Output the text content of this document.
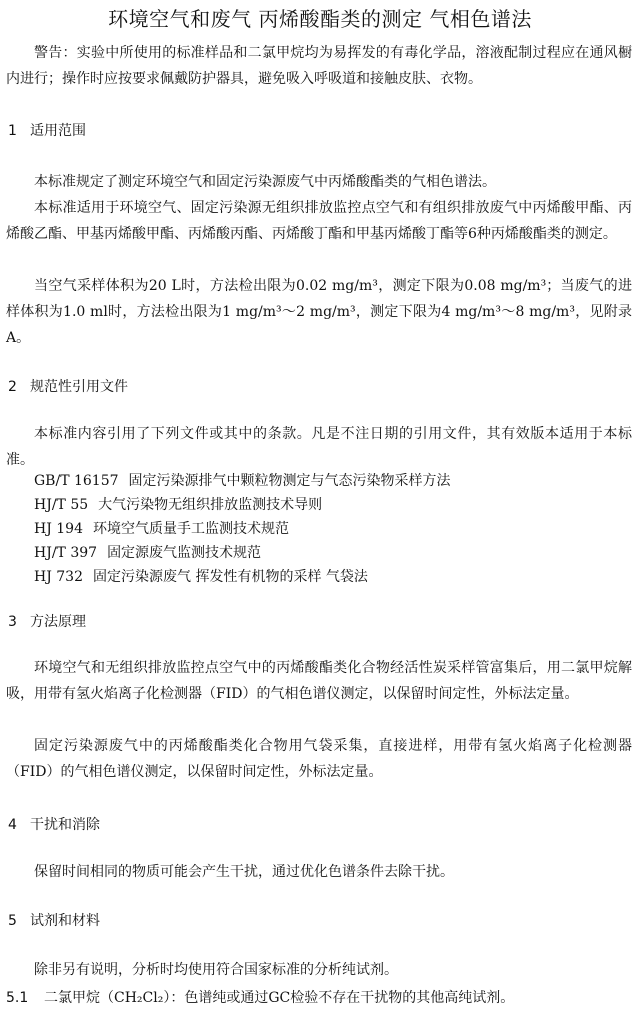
环境空气和废气 丙烯酸酯类的测定 气相色谱法
警告：实验中所使用的标准样品和二氯甲烷均为易挥发的有毒化学品，溶液配制过程应在通风橱内进行；操作时应按要求佩戴防护器具，避免吸入呼吸道和接触皮肤、衣物。
1 适用范围
本标准规定了测定环境空气和固定污染源废气中丙烯酸酯类的气相色谱法。
本标准适用于环境空气、固定污染源无组织排放监控点空气和有组织排放废气中丙烯酸甲酯、丙烯酸乙酯、甲基丙烯酸甲酯、丙烯酸丙酯、丙烯酸丁酯和甲基丙烯酸丁酯等6种丙烯酸酯类的测定。
当空气采样体积为20 L时，方法检出限为0.02 mg/m³，测定下限为0.08 mg/m³；当废气的进样体积为1.0 ml时，方法检出限为1 mg/m³～2 mg/m³，测定下限为4 mg/m³～8 mg/m³，见附录A。
2 规范性引用文件
本标准内容引用了下列文件或其中的条款。凡是不注日期的引用文件，其有效版本适用于本标准。
GB/T 16157 固定污染源排气中颗粒物测定与气态污染物采样方法
HJ/T 55 大气污染物无组织排放监测技术导则
HJ 194 环境空气质量手工监测技术规范
HJ/T 397 固定源废气监测技术规范
HJ 732 固定污染源废气 挥发性有机物的采样 气袋法
3 方法原理
环境空气和无组织排放监控点空气中的丙烯酸酯类化合物经活性炭采样管富集后，用二氯甲烷解吸，用带有氢火焰离子化检测器（FID）的气相色谱仪测定，以保留时间定性，外标法定量。
固定污染源废气中的丙烯酸酯类化合物用气袋采集，直接进样，用带有氢火焰离子化检测器（FID）的气相色谱仪测定，以保留时间定性，外标法定量。
4 干扰和消除
保留时间相同的物质可能会产生干扰，通过优化色谱条件去除干扰。
5 试剂和材料
除非另有说明，分析时均使用符合国家标准的分析纯试剂。
5.1 二氯甲烷（CH₂Cl₂）：色谱纯或通过GC检验不存在干扰物的其他高纯试剂。
